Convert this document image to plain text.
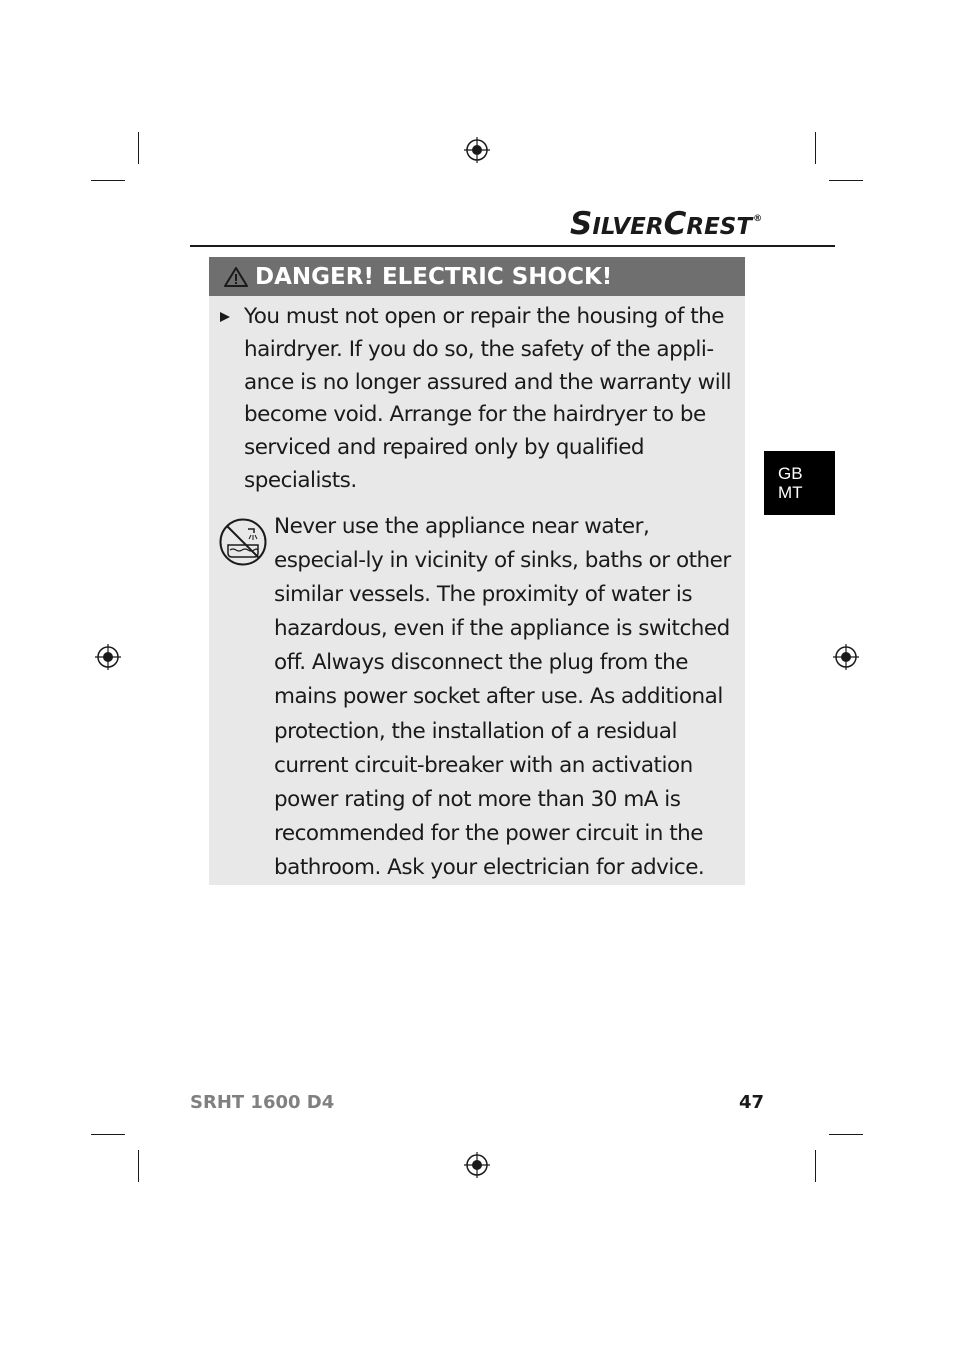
SILVERCREST®
GB
MT
DANGER! ELECTRIC SHOCK!
You must not open or repair the housing of the hairdryer. If you do so, the safety of the appli-ance is no longer assured and the warranty will become void. Arrange for the hairdryer to be serviced and repaired only by qualified specialists.
Never use the appliance near water, especial-ly in vicinity of sinks, baths or other similar vessels. The proximity of water is hazardous, even if the appliance is switched off. Always disconnect the plug from the mains power socket after use. As additional protection, the installation of a residual current circuit-breaker with an activation power rating of not more than 30 mA is recommended for the power circuit in the bathroom. Ask your electrician for advice.
SRHT 1600 D4	47
